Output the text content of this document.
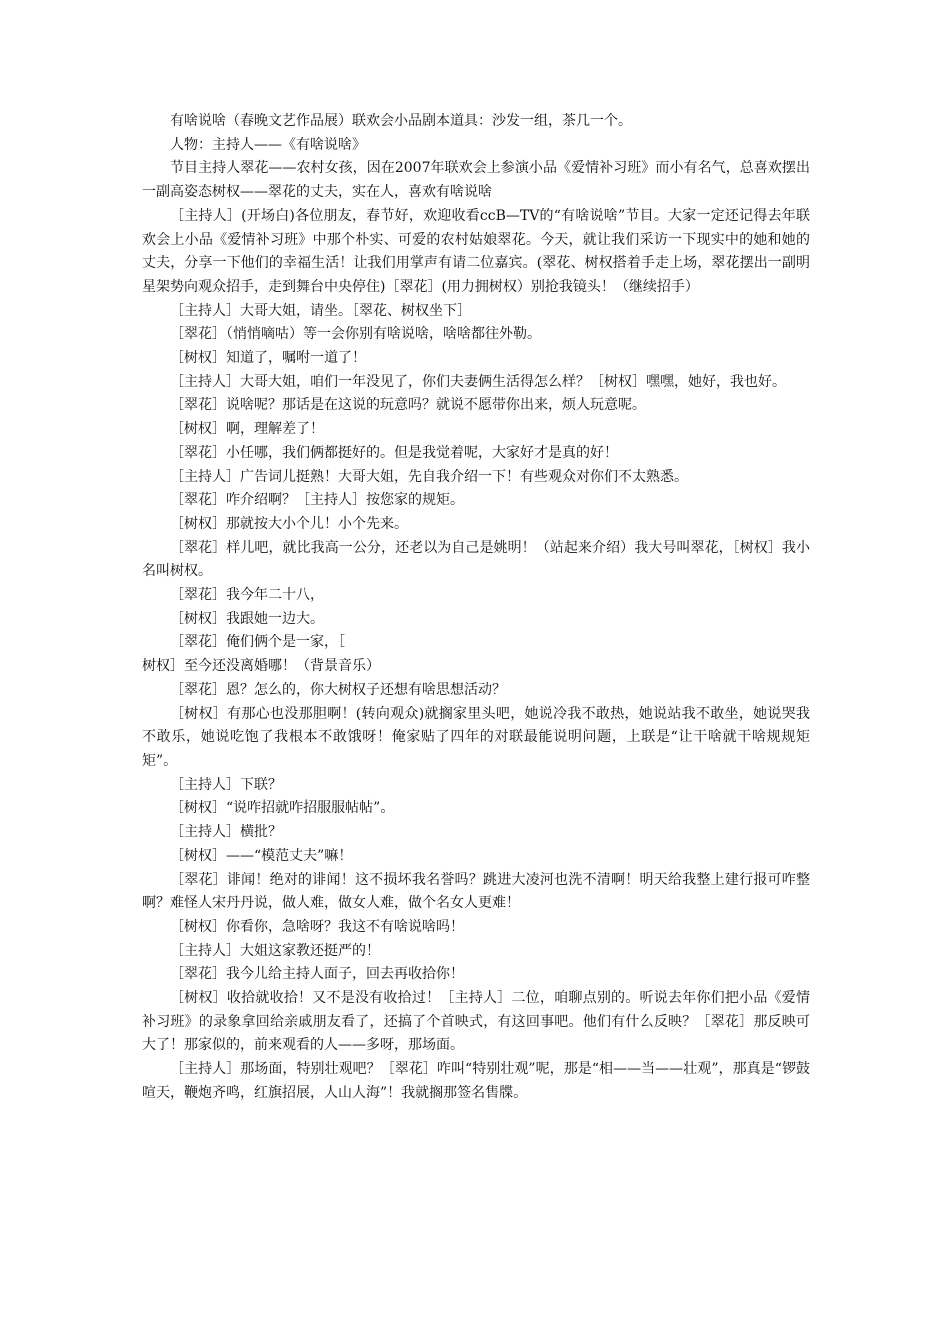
有啥说啥（春晚文艺作品展）联欢会小品剧本道具：沙发一组，茶几一个。

人物：主持人——《有啥说啥》

节目主持人翠花——农村女孩，因在2007年联欢会上参演小品《爱情补习班》而小有名气，总喜欢摆出一副高姿态树权——翠花的丈夫，实在人，喜欢有啥说啥

［主持人］(开场白)各位朋友，春节好，欢迎收看ccB—TV的“有啥说啥”节目。大家一定还记得去年联欢会上小品《爱情补习班》中那个朴实、可爱的农村姑娘翠花。今天，就让我们采访一下现实中的她和她的丈夫，分享一下他们的幸福生活！让我们用掌声有请二位嘉宾。(翠花、树权搭着手走上场，翠花摆出一副明星架势向观众招手，走到舞台中央停住)［翠花］(用力拥树权）别抢我镜头！（继续招手）

［主持人］大哥大姐，请坐。［翠花、树权坐下］

［翠花］（悄悄嘀咕）等一会你别有啥说啥，啥啥都往外勒。

［树权］知道了，嘱咐一道了！

［主持人］大哥大姐，咱们一年没见了，你们夫妻俩生活得怎么样？［树权］嘿嘿，她好，我也好。

［翠花］说啥呢？那话是在这说的玩意吗？就说不愿带你出来，烦人玩意呢。

［树权］啊，理解差了！

［翠花］小任哪，我们俩都挺好的。但是我觉着呢，大家好才是真的好！

［主持人］广告词儿挺熟！大哥大姐，先自我介绍一下！有些观众对你们不太熟悉。

［翠花］咋介绍啊？［主持人］按您家的规矩。

［树权］那就按大小个儿！小个先来。

［翠花］样儿吧，就比我高一公分，还老以为自己是姚明！（站起来介绍）我大号叫翠花，［树权］我小名叫树权。

［翠花］我今年二十八，

［树权］我跟她一边大。

［翠花］俺们俩个是一家，［

树权］至今还没离婚哪！（背景音乐）

［翠花］恩？怎么的，你大树权子还想有啥思想活动？

［树权］有那心也没那胆啊！(转向观众)就搁家里头吧，她说冷我不敢热，她说站我不敢坐，她说哭我不敢乐，她说吃饱了我根本不敢饿呀！俺家贴了四年的对联最能说明问题，上联是“让干啥就干啥规规矩矩”。

［主持人］下联？

［树权］“说咋招就咋招服服帖帖”。

［主持人］横批？

［树权］——“模范丈夫”嘛！

［翠花］诽闻！绝对的诽闻！这不损坏我名誉吗？跳进大凌河也洗不清啊！明天给我整上建行报可咋整啊？难怪人宋丹丹说，做人难，做女人难，做个名女人更难！

［树权］你看你，急啥呀？我这不有啥说啥吗！

［主持人］大姐这家教还挺严的！

［翠花］我今儿给主持人面子，回去再收拾你！

［树权］收拾就收拾！又不是没有收拾过！［主持人］二位，咱聊点别的。听说去年你们把小品《爱情补习班》的录象拿回给亲戚朋友看了，还搞了个首映式，有这回事吧。他们有什么反映？［翠花］那反映可大了！那家似的，前来观看的人——多呀，那场面。

［主持人］那场面，特别壮观吧？［翠花］咋叫“特别壮观”呢，那是“相——当——壮观”，那真是“锣鼓喧天，鞭炮齐鸣，红旗招展，人山人海”！我就搁那签名售牒。
